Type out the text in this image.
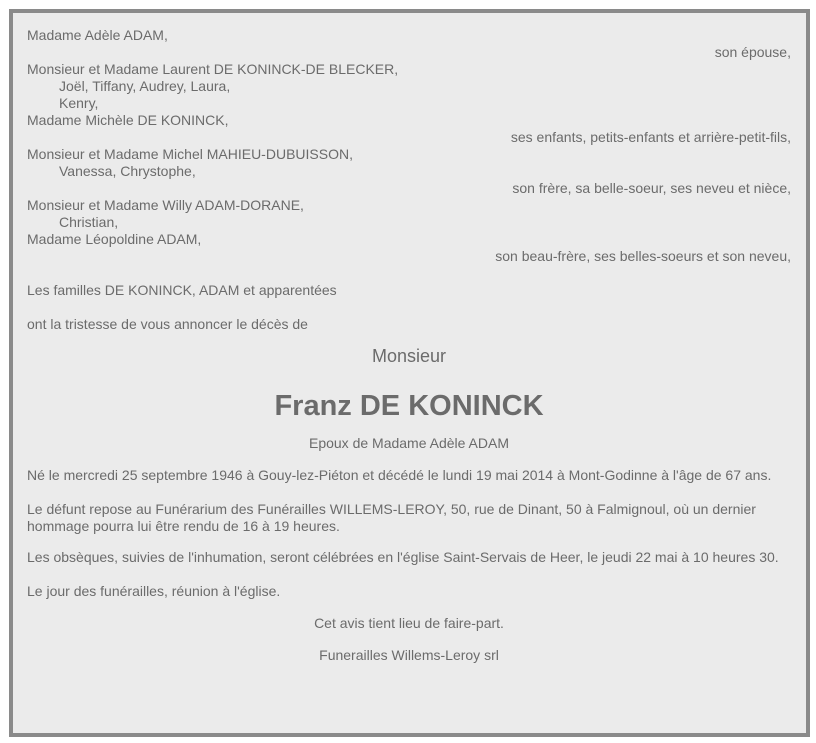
Madame Adèle ADAM,
son épouse,
Monsieur et Madame Laurent DE KONINCK-DE BLECKER,
Joël, Tiffany, Audrey, Laura,
Kenry,
Madame Michèle DE KONINCK,
ses enfants, petits-enfants et arrière-petit-fils,
Monsieur et Madame Michel MAHIEU-DUBUISSON,
Vanessa, Chrystophe,
son frère, sa belle-soeur, ses neveu et nièce,
Monsieur et Madame Willy ADAM-DORANE,
Christian,
Madame Léopoldine ADAM,
son beau-frère, ses belles-soeurs et son neveu,
Les familles DE KONINCK, ADAM et apparentées
ont la tristesse de vous annoncer le décès de
Monsieur
Franz DE KONINCK
Epoux de Madame Adèle ADAM

Né le mercredi 25 septembre 1946 à Gouy-lez-Piéton et décédé le lundi 19 mai 2014 à Mont-Godinne à l'âge de 67 ans.

Le défunt repose au Funérarium des Funérailles WILLEMS-LEROY, 50, rue de Dinant, 50 à Falmignoul, où un dernier hommage pourra lui être rendu de 16 à 19 heures.

Les obsèques, suivies de l'inhumation, seront célébrées en l'église Saint-Servais de Heer, le jeudi 22 mai à 10 heures 30.

Le jour des funérailles, réunion à l'église.

Cet avis tient lieu de faire-part.
Funerailles Willems-Leroy srl
